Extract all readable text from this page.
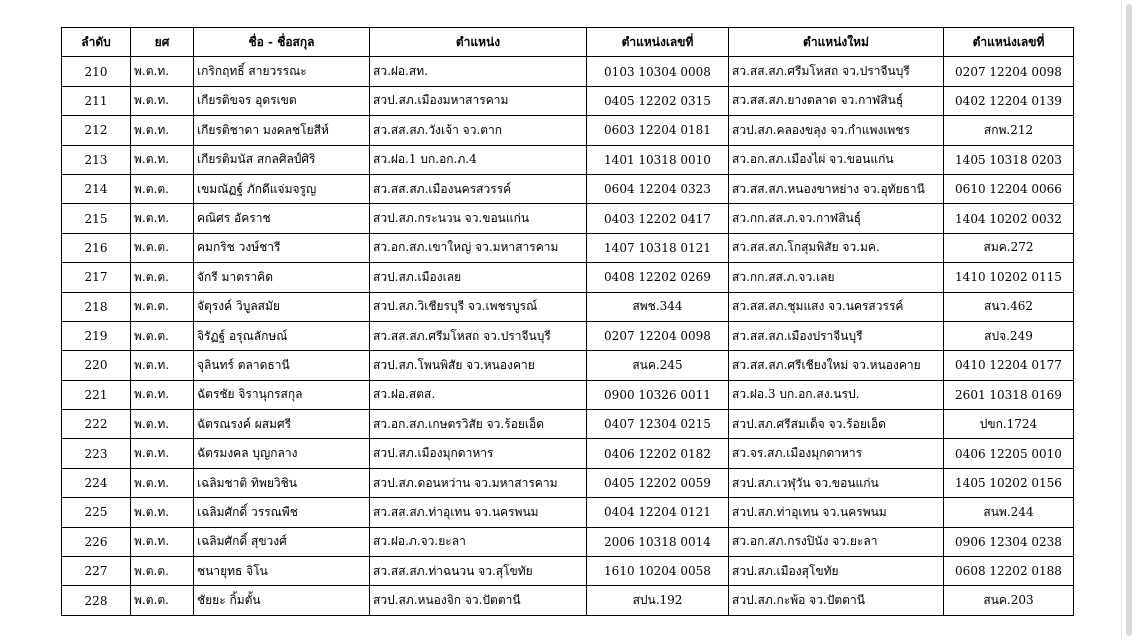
ลำดับ	ยศ	ชื่อ - ชื่อสกุล	ตำแหน่ง	ตำแหน่งเลขที่	ตำแหน่งใหม่	ตำแหน่งเลขที่
210	พ.ต.ท.	เกริกฤทธิ์ สายวรรณะ	สว.ฝอ.สท.	0103 10304 0008	สว.สส.สภ.ศรีมโหสถ จว.ปราจีนบุรี	0207 12204 0098
211	พ.ต.ท.	เกียรติขจร อุดรเขต	สวป.สภ.เมืองมหาสารคาม	0405 12202 0315	สว.สส.สภ.ยางตลาด จว.กาฬสินธุ์	0402 12204 0139
212	พ.ต.ท.	เกียรติชาดา มงคลชโยสีห์	สว.สส.สภ.วังเจ้า จว.ตาก	0603 12204 0181	สวป.สภ.คลองขลุง จว.กำแพงเพชร	สกพ.212
213	พ.ต.ท.	เกียรติมนัส สกลศิลป์ศิริ	สว.ฝอ.1 บก.อก.ภ.4	1401 10318 0010	สว.อก.สภ.เมืองไผ่ จว.ขอนแก่น	1405 10318 0203
214	พ.ต.ต.	เขมณัฏฐ์ ภักดีแจ่มจรูญ	สว.สส.สภ.เมืองนครสวรรค์	0604 12204 0323	สว.สส.สภ.หนองขาหย่าง จว.อุทัยธานี	0610 12204 0066
215	พ.ต.ท.	คณิศร อัคราช	สวป.สภ.กระนวน จว.ขอนแก่น	0403 12202 0417	สว.กก.สส.ภ.จว.กาฬสินธุ์	1404 10202 0032
216	พ.ต.ต.	คมกริช วงษ์ชารี	สว.อก.สภ.เขาใหญ่ จว.มหาสารคาม	1407 10318 0121	สว.สส.สภ.โกสุมพิสัย จว.มค.	สมค.272
217	พ.ต.ต.	จักรี มาตราคิด	สวป.สภ.เมืองเลย	0408 12202 0269	สว.กก.สส.ภ.จว.เลย	1410 10202 0115
218	พ.ต.ต.	จัตุรงค์ วิบูลสมัย	สวป.สภ.วิเชียรบุรี จว.เพชรบูรณ์	สพช.344	สว.สส.สภ.ชุมแสง จว.นครสวรรค์	สนว.462
219	พ.ต.ต.	จิรัฏฐ์ อรุณลักษณ์	สว.สส.สภ.ศรีมโหสถ จว.ปราจีนบุรี	0207 12204 0098	สว.สส.สภ.เมืองปราจีนบุรี	สปจ.249
220	พ.ต.ท.	จุลินทร์ ตลาดธานี	สวป.สภ.โพนพิสัย จว.หนองคาย	สนค.245	สว.สส.สภ.ศรีเชียงใหม่ จว.หนองคาย	0410 12204 0177
221	พ.ต.ท.	ฉัตรชัย จิรานุกรสกุล	สว.ฝอ.สตส.	0900 10326 0011	สว.ฝอ.3 บก.อก.สง.นรป.	2601 10318 0169
222	พ.ต.ท.	ฉัตรณรงค์ ผสมศรี	สว.อก.สภ.เกษตรวิสัย จว.ร้อยเอ็ด	0407 12304 0215	สวป.สภ.ศรีสมเด็จ จว.ร้อยเอ็ด	ปขก.1724
223	พ.ต.ท.	ฉัตรมงคล บุญกลาง	สวป.สภ.เมืองมุกดาหาร	0406 12202 0182	สว.จร.สภ.เมืองมุกดาหาร	0406 12205 0010
224	พ.ต.ท.	เฉลิมชาติ ทิพยวิชิน	สวป.สภ.ดอนหว่าน จว.มหาสารคาม	0405 12202 0059	สวป.สภ.เวฬุวัน จว.ขอนแก่น	1405 10202 0156
225	พ.ต.ท.	เฉลิมศักดิ์ วรรณพืช	สว.สส.สภ.ท่าอุเทน จว.นครพนม	0404 12204 0121	สวป.สภ.ท่าอุเทน จว.นครพนม	สนพ.244
226	พ.ต.ท.	เฉลิมศักดิ์ สุขวงศ์	สว.ฝอ.ภ.จว.ยะลา	2006 10318 0014	สว.อก.สภ.กรงปินัง จว.ยะลา	0906 12304 0238
227	พ.ต.ต.	ชนายุทธ จิโน	สว.สส.สภ.ท่าฉนวน จว.สุโขทัย	1610 10204 0058	สวป.สภ.เมืองสุโขทัย	0608 12202 0188
228	พ.ต.ต.	ชัยยะ กิ้มตั้น	สวป.สภ.หนองจิก จว.ปัตตานี	สปน.192	สวป.สภ.กะพ้อ จว.ปัตตานี	สนค.203
